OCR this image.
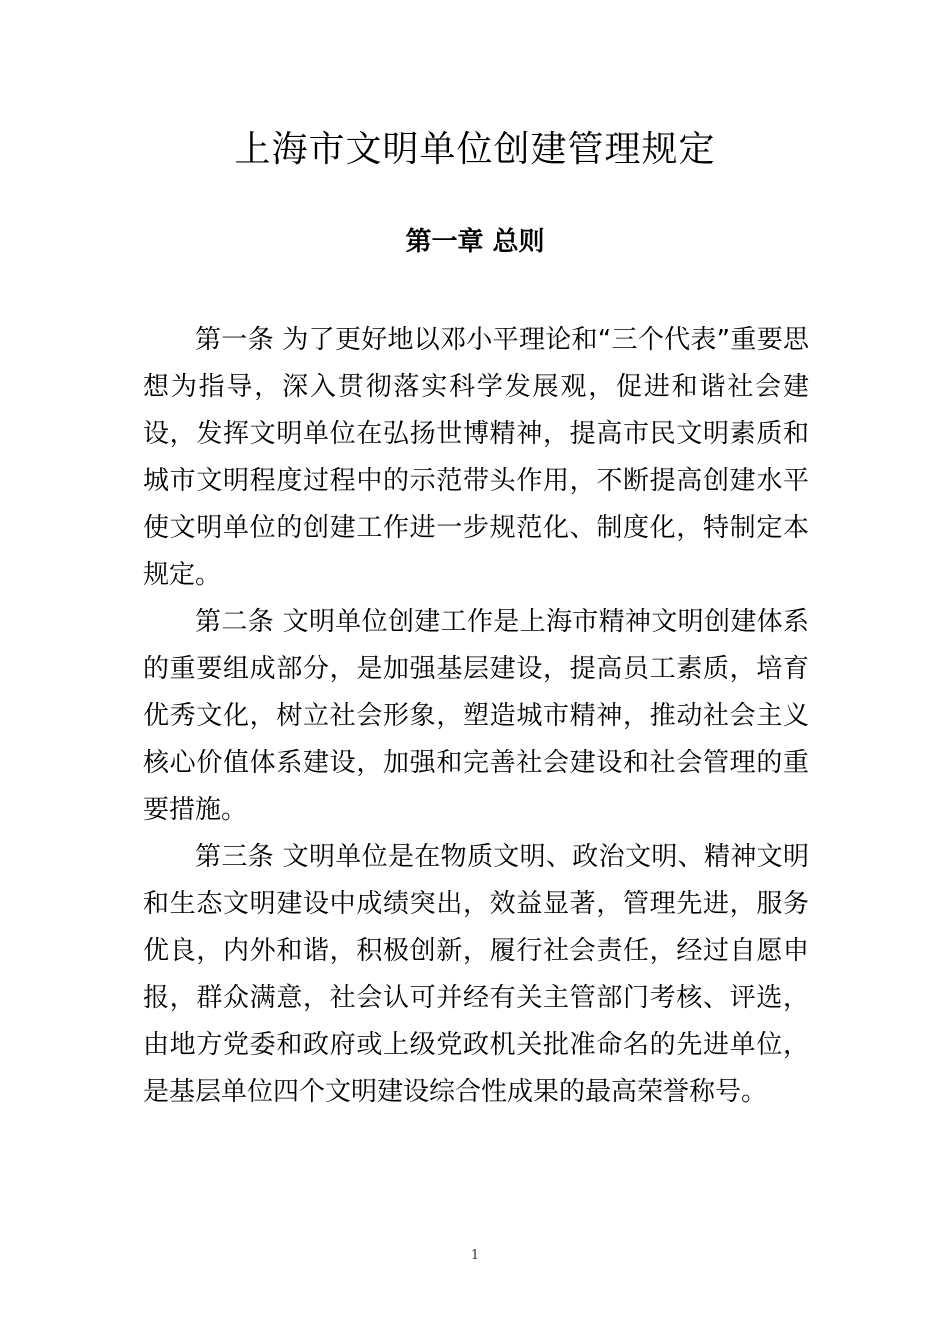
上海市文明单位创建管理规定
第一章 总则

第一条 为了更好地以邓小平理论和“三个代表”重要思想为指导，深入贯彻落实科学发展观，促进和谐社会建设，发挥文明单位在弘扬世博精神，提高市民文明素质和城市文明程度过程中的示范带头作用，不断提高创建水平使文明单位的创建工作进一步规范化、制度化，特制定本规定。

第二条 文明单位创建工作是上海市精神文明创建体系的重要组成部分，是加强基层建设，提高员工素质，培育优秀文化，树立社会形象，塑造城市精神，推动社会主义核心价值体系建设，加强和完善社会建设和社会管理的重要措施。

第三条 文明单位是在物质文明、政治文明、精神文明和生态文明建设中成绩突出，效益显著，管理先进，服务优良，内外和谐，积极创新，履行社会责任，经过自愿申报，群众满意，社会认可并经有关主管部门考核、评选，由地方党委和政府或上级党政机关批准命名的先进单位，是基层单位四个文明建设综合性成果的最高荣誉称号。

1
